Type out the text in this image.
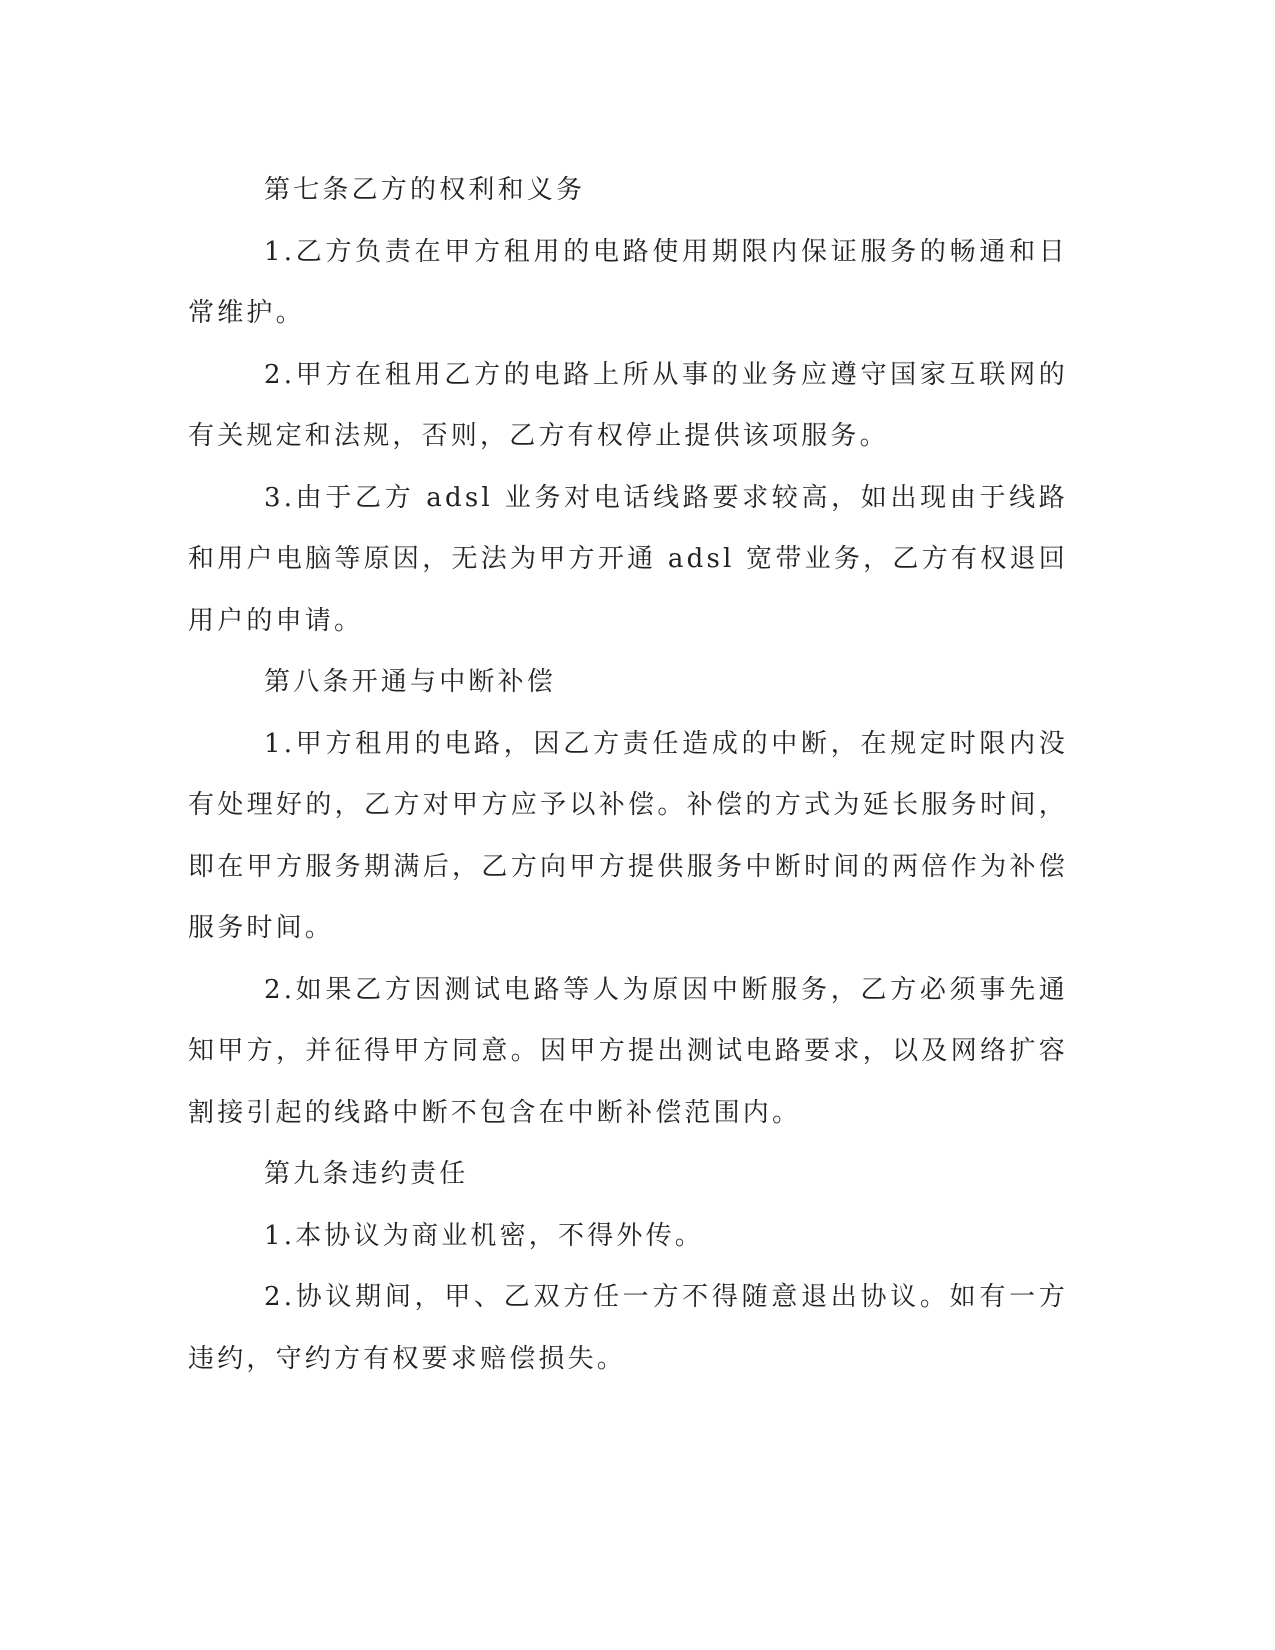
第七条乙方的权利和义务

1.乙方负责在甲方租用的电路使用期限内保证服务的畅通和日常维护。

2.甲方在租用乙方的电路上所从事的业务应遵守国家互联网的有关规定和法规，否则，乙方有权停止提供该项服务。

3.由于乙方 adsl 业务对电话线路要求较高，如出现由于线路和用户电脑等原因，无法为甲方开通 adsl 宽带业务，乙方有权退回用户的申请。

第八条开通与中断补偿

1.甲方租用的电路，因乙方责任造成的中断，在规定时限内没有处理好的，乙方对甲方应予以补偿。补偿的方式为延长服务时间，即在甲方服务期满后，乙方向甲方提供服务中断时间的两倍作为补偿服务时间。

2.如果乙方因测试电路等人为原因中断服务，乙方必须事先通知甲方，并征得甲方同意。因甲方提出测试电路要求，以及网络扩容割接引起的线路中断不包含在中断补偿范围内。

第九条违约责任

1.本协议为商业机密，不得外传。

2.协议期间，甲、乙双方任一方不得随意退出协议。如有一方违约，守约方有权要求赔偿损失。
